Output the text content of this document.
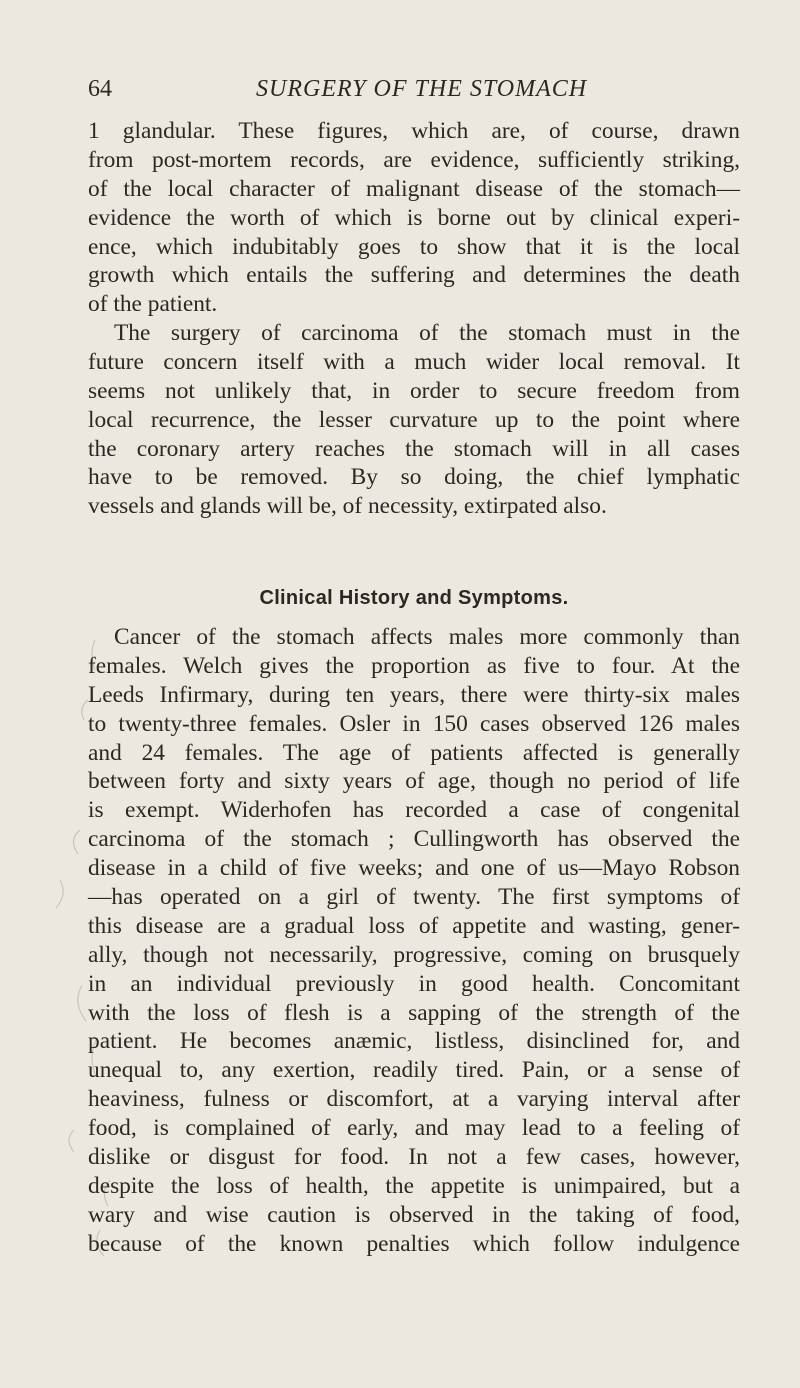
64	SURGERY OF THE STOMACH
1 glandular. These figures, which are, of course, drawn
from post-mortem records, are evidence, sufficiently striking,
of the local character of malignant disease of the stomach—
evidence the worth of which is borne out by clinical experi-
ence, which indubitably goes to show that it is the local
growth which entails the suffering and determines the death
of the patient.
The surgery of carcinoma of the stomach must in the
future concern itself with a much wider local removal. It
seems not unlikely that, in order to secure freedom from
local recurrence, the lesser curvature up to the point where
the coronary artery reaches the stomach will in all cases
have to be removed. By so doing, the chief lymphatic
vessels and glands will be, of necessity, extirpated also.
Clinical History and Symptoms.
Cancer of the stomach affects males more commonly than
females. Welch gives the proportion as five to four. At the
Leeds Infirmary, during ten years, there were thirty-six males
to twenty-three females. Osler in 150 cases observed 126 males
and 24 females. The age of patients affected is generally
between forty and sixty years of age, though no period of life
is exempt. Widerhofen has recorded a case of congenital
carcinoma of the stomach ; Cullingworth has observed the
disease in a child of five weeks; and one of us—Mayo Robson
—has operated on a girl of twenty. The first symptoms of
this disease are a gradual loss of appetite and wasting, gener-
ally, though not necessarily, progressive, coming on brusquely
in an individual previously in good health. Concomitant
with the loss of flesh is a sapping of the strength of the
patient. He becomes anæmic, listless, disinclined for, and
unequal to, any exertion, readily tired. Pain, or a sense of
heaviness, fulness or discomfort, at a varying interval after
food, is complained of early, and may lead to a feeling of
dislike or disgust for food. In not a few cases, however,
despite the loss of health, the appetite is unimpaired, but a
wary and wise caution is observed in the taking of food,
because of the known penalties which follow indulgence
